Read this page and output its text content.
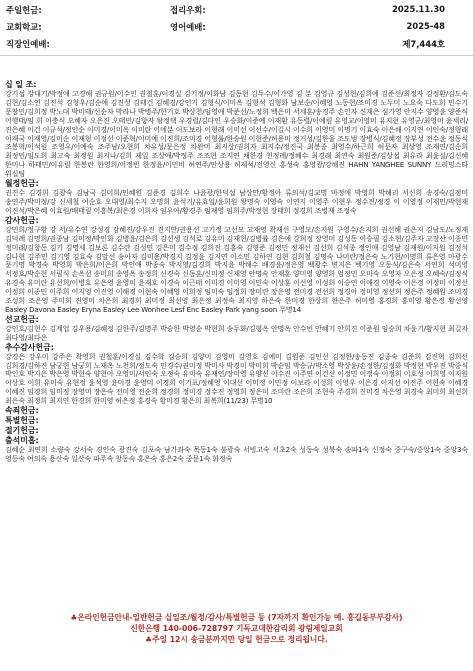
주일헌금:	접리우회:	2025.11.30
교회학교:	영어예배:	2025-48
직장인예배:	제7,444호
십 일 조:
강기섭 강대기/박정애 고경해 권규원/이수인 권철훈/이경실 김기정/이화남 김동현 김두수/이가영 김 분 김영규 김성현/김희예 김준선/최정자 김정환/김도숙 김현/김소연 김진석 김청우/김순애 김진성 김태건 김혜경/강인기 김형식/이미옥 김형석 김형화 남보순/이혜영 노동현/조미경 노두미 노요숙 다도희 민수기 문창민/김희정 박노대 박미태/신순자 박라나 박병주/한기호 박상천/임영애 박준선/노정희 백은미 서세훈/송경주 손인자 신재은 심가영 안지수 양영윤 양준식 이행태/임 희 이충식 오혜자 오은진 오태민/김향자 왕정택 우경렬/김다인 우승화/이준예 이재환 유동렬/이예림 유영교/이영미 유지현 유영균/최영미 윤세리/진은혜 이건 이규석/정인순 이미경/이미옥 이미란 이에분 이도보라 이형래 이미선 이선수/이길시 이수희 이영미 이명기 이효숙 이은해 이지연 이인숙/정형래 이재국 이재영/김미순 이재형 이정선 이준혁/이미예 이진희/조미경 이형률/한승원 이현준/허용미 정거성/김한울 조도범 장병식/김혜정 장부성 전수윤 정동식 조봉혁/이석원 조영우/이예숙 조주남/오현희 차유성/문은정 차완미 최지상/권희자 최지수/정진국 최봉종 최영수/하근희 허문자 최상영 조재연/김순희 최정민/임도희 최고숙 최정원 최지나/김희 제일 조상애/박정주 조조현 조지연 채한경 천정례/정혜수 최경래 최연숙 최원준/김상섭 최유라 최윤실/김신혜 한미나 하태민/이유림 한봉란 한영희/이정빈 한정윤/이민비 허연주/안상용 허제석/전영신 홍성숙 홍영광/강해진 HAHN YANGHEE SUNNY 드리밍스타 워십팀
월정헌금:
권진수 김경희 김광숙 김남국 김미희/민혜원 김준경 김희수 나윤광/한덕섭 남상만/황정아 류의석/김교명 마정애 박영희 박해리 서신희 송경숙/김정미 송연주/박미정/강 신세철 여순호 오대영/최수지 오명희 윤석기/유효일/윤희원 왕명숙 이영숙 이연지 이영주 이현우 정수진/정경 이 이영정 이재민/박현재 이진석/박은혜 이효원/배태림 이흥복/최은경 이희자 임우아/황경주 임재영 임희주/박정현 장태희 정경희 조병재 조정숙
감사헌금:
강민희/정구황 강 서/유수연 강성경 강혜진/강우진 견지만/권용선 고기정 고선모 고재영 곽재선 구영모/손지원 구영수/손지희 권선해 권은지 김남도/노정재 김덕례 김명희/권종남 김미정/박인화 김병윤/김은희 김선생 김석로 김유미 김재현/김병률 김은애 강희정 장영미 김성동 이승필 김소현/김주자 고장산 이종민 정미래/김창동 김기 김명세 김보론 김수란 김성민 김은미 김수정 김희진 김홍숙 김형준 김정민 정재선 김선희 김석종 정인애 김영남 김재원/이지원 김정석 김나현 김주민 김기영 김효숙 김말선 송아자 김미용/박경지 김정윤 김지연 이소민 김하연 김현 김희철 김명숙 나미란/정은숙 노기현/이명희 류은영 마광수 문기명 박경숙 박영희 박은희/이은희 박인애 박종숙 박지영/김경희 박지윤 박해수 배경윤/정은영 백광수 변지은 백기영 오동식/김은숙 서연희 석미영 서정호/박순현 서필식 손옥선 송미희 송영옥 송정희 신경숙 신동훈/신미정 신재영 안명숙 안재훈 양미영 양영희 엄정민 오미숙 오영자 오은정 오혜숙/김정식 유경숙 유미란 유선희/이병호 유은영 윤영미 윤재호 이경숙 이근태 이미경 이미영 이민숙 이상훈 이선영 이성희 이승연 이애경 이영숙 이은정 이정미 이정선 이정희 이종민 이주희 이지영 이진영 이해경 이현숙 이혜영 이희정 임미숙 임정희 장미란 장은영 전미경 전선희 정경아 정미영 정선희 정은주 정혜원 조미경 조성희 조은영 주미희 진영미 차은희 최경희 최미정 최선영 최은정 최정숙 최지영 하은숙 한미경 한상희 한은주 허미영 홍경희 홍미영 황은정 황선영 Easley Davona Easley Eryna Easley Lee Wonhee Lesf Enc Easley Park yang soon 무명14
선교헌금:
강인호/김현수 김계업 김우용/김혜정 김한주/김명주 박승한 박영순 박현희 송두화/김형옥 안명옥 안수빈 안혜기 안희진 이준원 임승희 차윤기/황지현 최길자 최다영/최다은
추수감사헌금:
강경은 강우미 강주은 곽영희 권철훈/이경실 김수학 김승희 김양미 김영미 김영호 김에미 김원준 김인선 김정한/송동진 김종숙 김준희 김진혁 김희선 김희경/김하진 남궁현 남궁희 노재옥 노천희/정도숙 민경수/권미정 박미사 박경미 박미희 박순임 박승규/박소영 박상윤/손정한/김정화 박정현 박우진 박중식 박인호 박지은 박은영 박현숙 양현아 오영미/서인숙 오정숙 유미숙 유재연/장미영 유양선 이수진 이주연 이건선 이정민 이정숙 이정희 이호성 이희영 이지원 이상호 이희 유미숙 유현정 윤석영 윤미경 윤영미 이경희 이기표/정혜영 이대선 이미정 이민정 이보라 이성희 이영우 이은경 이지선 이진주 이현숙 이혜경 이혜진 임경희 임미정 장영미 장은숙 전미영 전순희 정경희 정미경 정수진 정영희 정은미 조미란 조은희 조현숙 주경희 진미경 차은영 최경숙 최미희 최선희 최은숙 최정희 최지연 한경희 한미영 허은정 홍경숙 황미경 황은희 최복희(11/23) 무명10
속죄헌금:
특별헌금:
절기헌금:
출석미흡:
김혜순 최연희 소량숙 강서숙 경인숙 광진숙 김포숙 남가좌숙 목동1숙 불광숙 서빙고숙 서초2숙 성동숙 성북숙 송파1숙 신정숙 중구숙/중앙1숙 중앙3숙 영등숙 여의숙 용산숙 일산숙 파주숙 창동숙 홍은숙 홍은2숙 중문1숙 화정숙
♣온라인헌금안내-일반헌금 십일조/월정/감사/특별헌금 등 (7자까지 확인가능 예. 홍길동부부감사)
신한은행 140-006-728797 기독교대한감리회 광림제일교회
♣주일 12시 송금분까지만 당일 헌금으로 정리됩니다.
